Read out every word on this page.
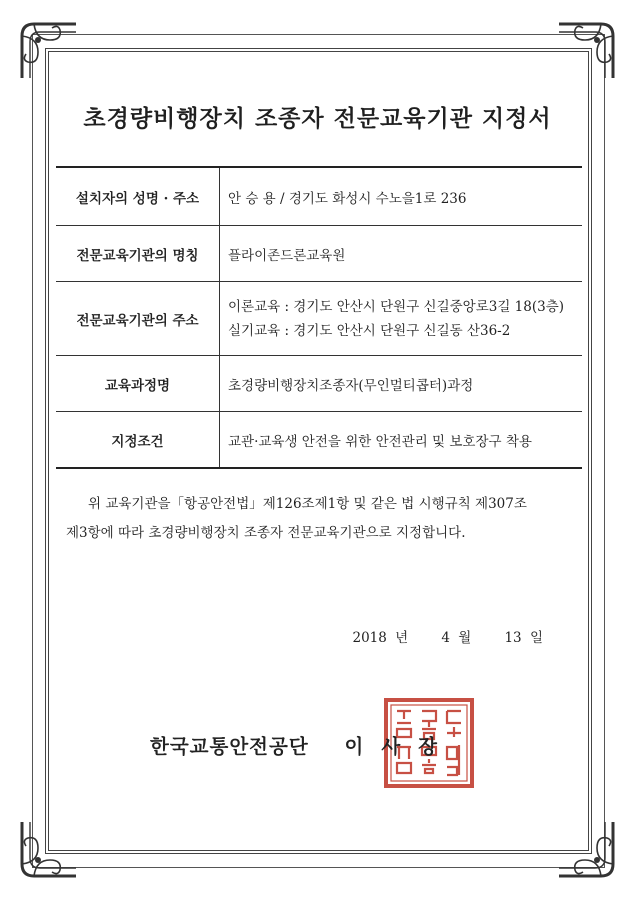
초경량비행장치 조종자 전문교육기관 지정서
설치자의 성명 · 주소	안 승 용 / 경기도 화성시 수노을1로 236
전문교육기관의 명칭	플라이존드론교육원
전문교육기관의 주소	이론교육 : 경기도 안산시 단원구 신길중앙로3길 18(3층)
실기교육 : 경기도 안산시 단원구 신길동 산36-2

교육과정명	초경량비행장치조종자(무인멀티콥터)과정
지정조건	교관·교육생 안전을 위한 안전관리 및 보호장구 착용
위 교육기관을「항공안전법」제126조제1항 및 같은 법 시행규칙 제307조 제3항에 따라 초경량비행장치 조종자 전문교육기관으로 지정합니다.
2018 년 4 월 13 일
한국교통안전공단 이사장
